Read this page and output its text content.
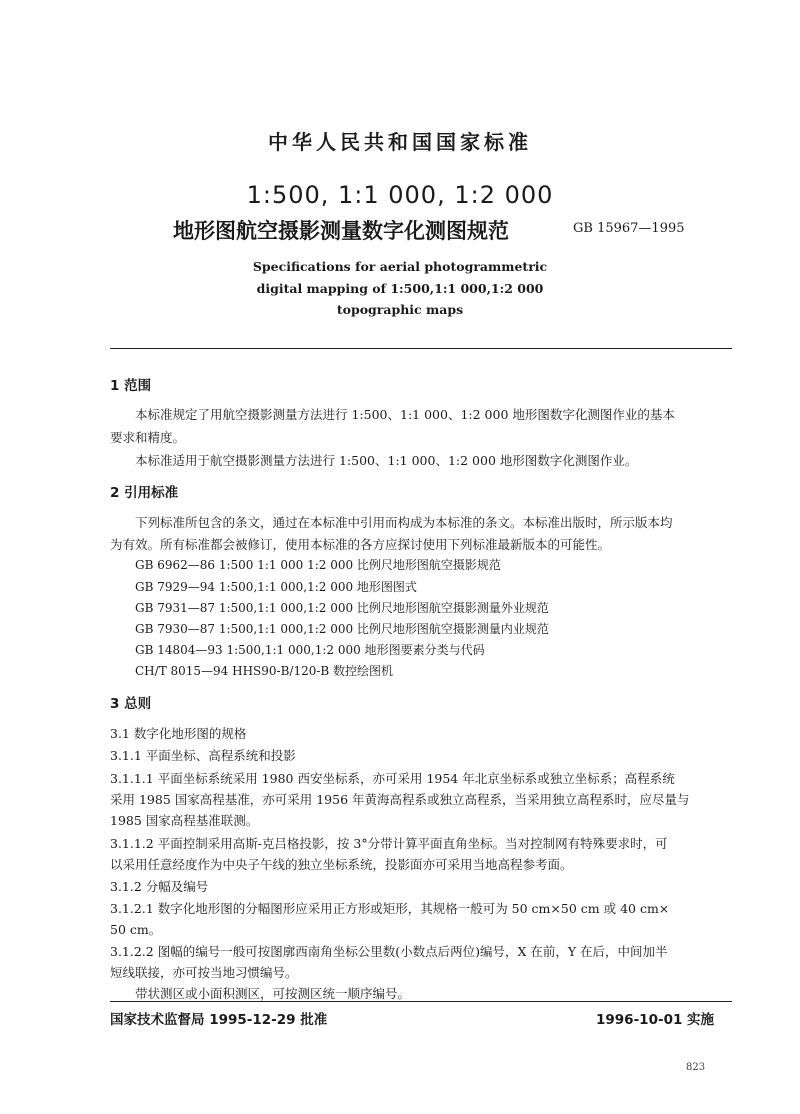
中华人民共和国国家标准
1:500, 1:1 000, 1:2 000
地形图航空摄影测量数字化测图规范	GB 15967—1995
Specifications for aerial photogrammetric
digital mapping of 1:500,1:1 000,1:2 000
topographic maps
1 范围
本标准规定了用航空摄影测量方法进行 1:500、1:1 000、1:2 000 地形图数字化测图作业的基本
要求和精度。
本标准适用于航空摄影测量方法进行 1:500、1:1 000、1:2 000 地形图数字化测图作业。
2 引用标准
下列标准所包含的条文，通过在本标准中引用而构成为本标准的条文。本标准出版时，所示版本均
为有效。所有标准都会被修订，使用本标准的各方应探讨使用下列标准最新版本的可能性。
GB 6962—86 1:500 1:1 000 1:2 000 比例尺地形图航空摄影规范
GB 7929—94 1:500,1:1 000,1:2 000 地形图图式
GB 7931—87 1:500,1:1 000,1:2 000 比例尺地形图航空摄影测量外业规范
GB 7930—87 1:500,1:1 000,1:2 000 比例尺地形图航空摄影测量内业规范
GB 14804—93 1:500,1:1 000,1:2 000 地形图要素分类与代码
CH/T 8015—94 HHS90-B/120-B 数控绘图机
3 总则
3.1 数字化地形图的规格
3.1.1 平面坐标、高程系统和投影
3.1.1.1 平面坐标系统采用 1980 西安坐标系，亦可采用 1954 年北京坐标系或独立坐标系；高程系统
采用 1985 国家高程基准，亦可采用 1956 年黄海高程系或独立高程系，当采用独立高程系时，应尽量与
1985 国家高程基准联测。
3.1.1.2 平面控制采用高斯-克吕格投影，按 3°分带计算平面直角坐标。当对控制网有特殊要求时，可
以采用任意经度作为中央子午线的独立坐标系统，投影面亦可采用当地高程参考面。
3.1.2 分幅及编号
3.1.2.1 数字化地形图的分幅图形应采用正方形或矩形，其规格一般可为 50 cm×50 cm 或 40 cm×
50 cm。
3.1.2.2 图幅的编号一般可按图廓西南角坐标公里数(小数点后两位)编号，X 在前，Y 在后，中间加半
短线联接，亦可按当地习惯编号。
带状测区或小面积测区，可按测区统一顺序编号。
国家技术监督局 1995-12-29 批准	1996-10-01 实施
823
